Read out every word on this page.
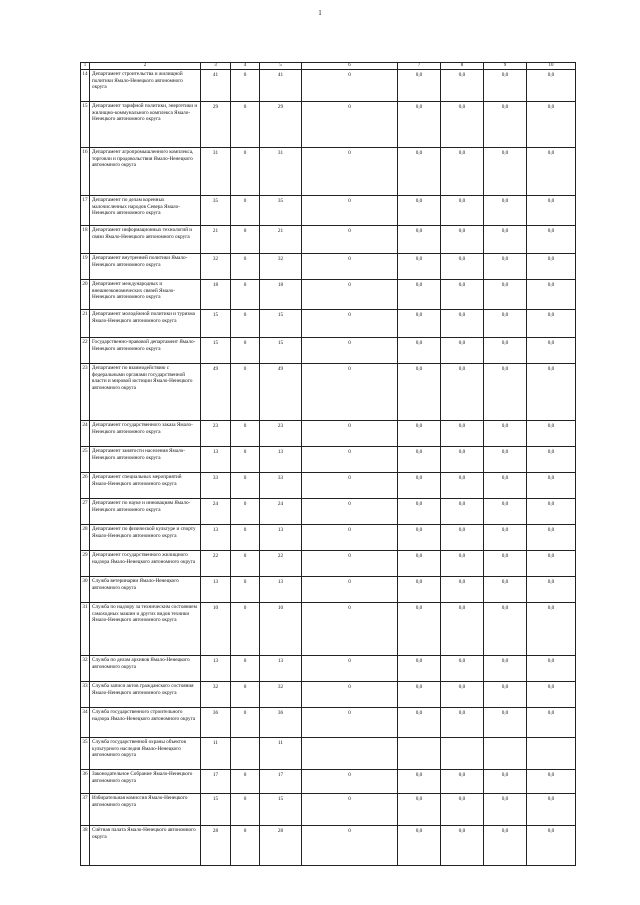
1
1	2	3	4	5	6	7	8	9	10
14	Департамент строительства и жилищной политики Ямало-Ненецкого автономного округа	41	0	41	0	0,0	0,0	0,0	0,0
15	Департамент тарифной политики, энергетики и жилищно-коммунального комплекса Ямало-Ненецкого автономного округа	29	0	29	0	0,0	0,0	0,0	0,0
16	Департамент агропромышленного комплекса, торговли и продовольствия Ямало-Ненецкого автономного округа	31	0	31	0	0,0	0,0	0,0	0,0
17	Департамент по делам коренных малочисленных народов Севера Ямало-Ненецкого автономного округа	35	0	35	0	0,0	0,0	0,0	0,0
18	Департамент информационных технологий и связи Ямало-Ненецкого автономного округа	21	0	21	0	0,0	0,0	0,0	0,0
19	Департамент внутренней политики Ямало-Ненецкого автономного округа	32	0	32	0	0,0	0,0	0,0	0,0
20	Департамент международных и внешнеэкономических связей Ямало-Ненецкого автономного округа	18	0	18	0	0,0	0,0	0,0	0,0
21	Департамент молодёжной политики и туризма Ямало-Ненецкого автономного округа	15	0	15	0	0,0	0,0	0,0	0,0
22	Государственно-правовой департамент Ямало-Ненецкого автономного округа	15	0	15	0	0,0	0,0	0,0	0,0
23	Департамент по взаимодействию с федеральными органами государственной власти и мировой юстиции Ямало-Ненецкого автономного округа	49	0	49	0	0,0	0,0	0,0	0,0
24	Департамент государственного заказа Ямало-Ненецкого автономного округа	23	0	23	0	0,0	0,0	0,0	0,0
25	Департамент занятости населения Ямало-Ненецкого автономного округа	13	0	13	0	0,0	0,0	0,0	0,0
26	Департамент специальных мероприятий Ямало-Ненецкого автономного округа	33	0	33	0	0,0	0,0	0,0	0,0
27	Департамент по науке и инновациям Ямало-Ненецкого автономного округа	24	0	24	0	0,0	0,0	0,0	0,0
28	Департамент по физической культуре и спорту Ямало-Ненецкого автономного округа	13	0	13	0	0,0	0,0	0,0	0,0
29	Департамент государственного жилищного надзора Ямало-Ненецкого автономного округа	22	0	22	0	0,0	0,0	0,0	0,0
30	Служба ветеринарии Ямало-Ненецкого автономного округа	13	0	13	0	0,0	0,0	0,0	0,0
31	Служба по надзору за техническим состоянием самоходных машин и других видов техники Ямало-Ненецкого автономного округа	10	0	10	0	0,0	0,0	0,0	0,0
32	Служба по делам архивов Ямало-Ненецкого автономного округа	13	0	13	0	0,0	0,0	0,0	0,0
33	Служба записи актов гражданского состояния Ямало-Ненецкого автономного округа	32	0	32	0	0,0	0,0	0,0	0,0
34	Служба государственного строительного надзора Ямало-Ненецкого автономного округа	36	0	36	0	0,0	0,0	0,0	0,0
35	Служба государственной охраны объектов культурного наследия Ямало-Ненецкого автономного округа	11		11					
36	Законодательное Собрание Ямало-Ненецкого автономного округа	17	0	17	0	0,0	0,0	0,0	0,0
37	Избирательная комиссия Ямало-Ненецкого автономного округа	15	0	15	0	0,0	0,0	0,0	0,0
38	Счётная палата Ямало-Ненецкого автономного округа	28	0	28	0	0,0	0,0	0,0	0,0
